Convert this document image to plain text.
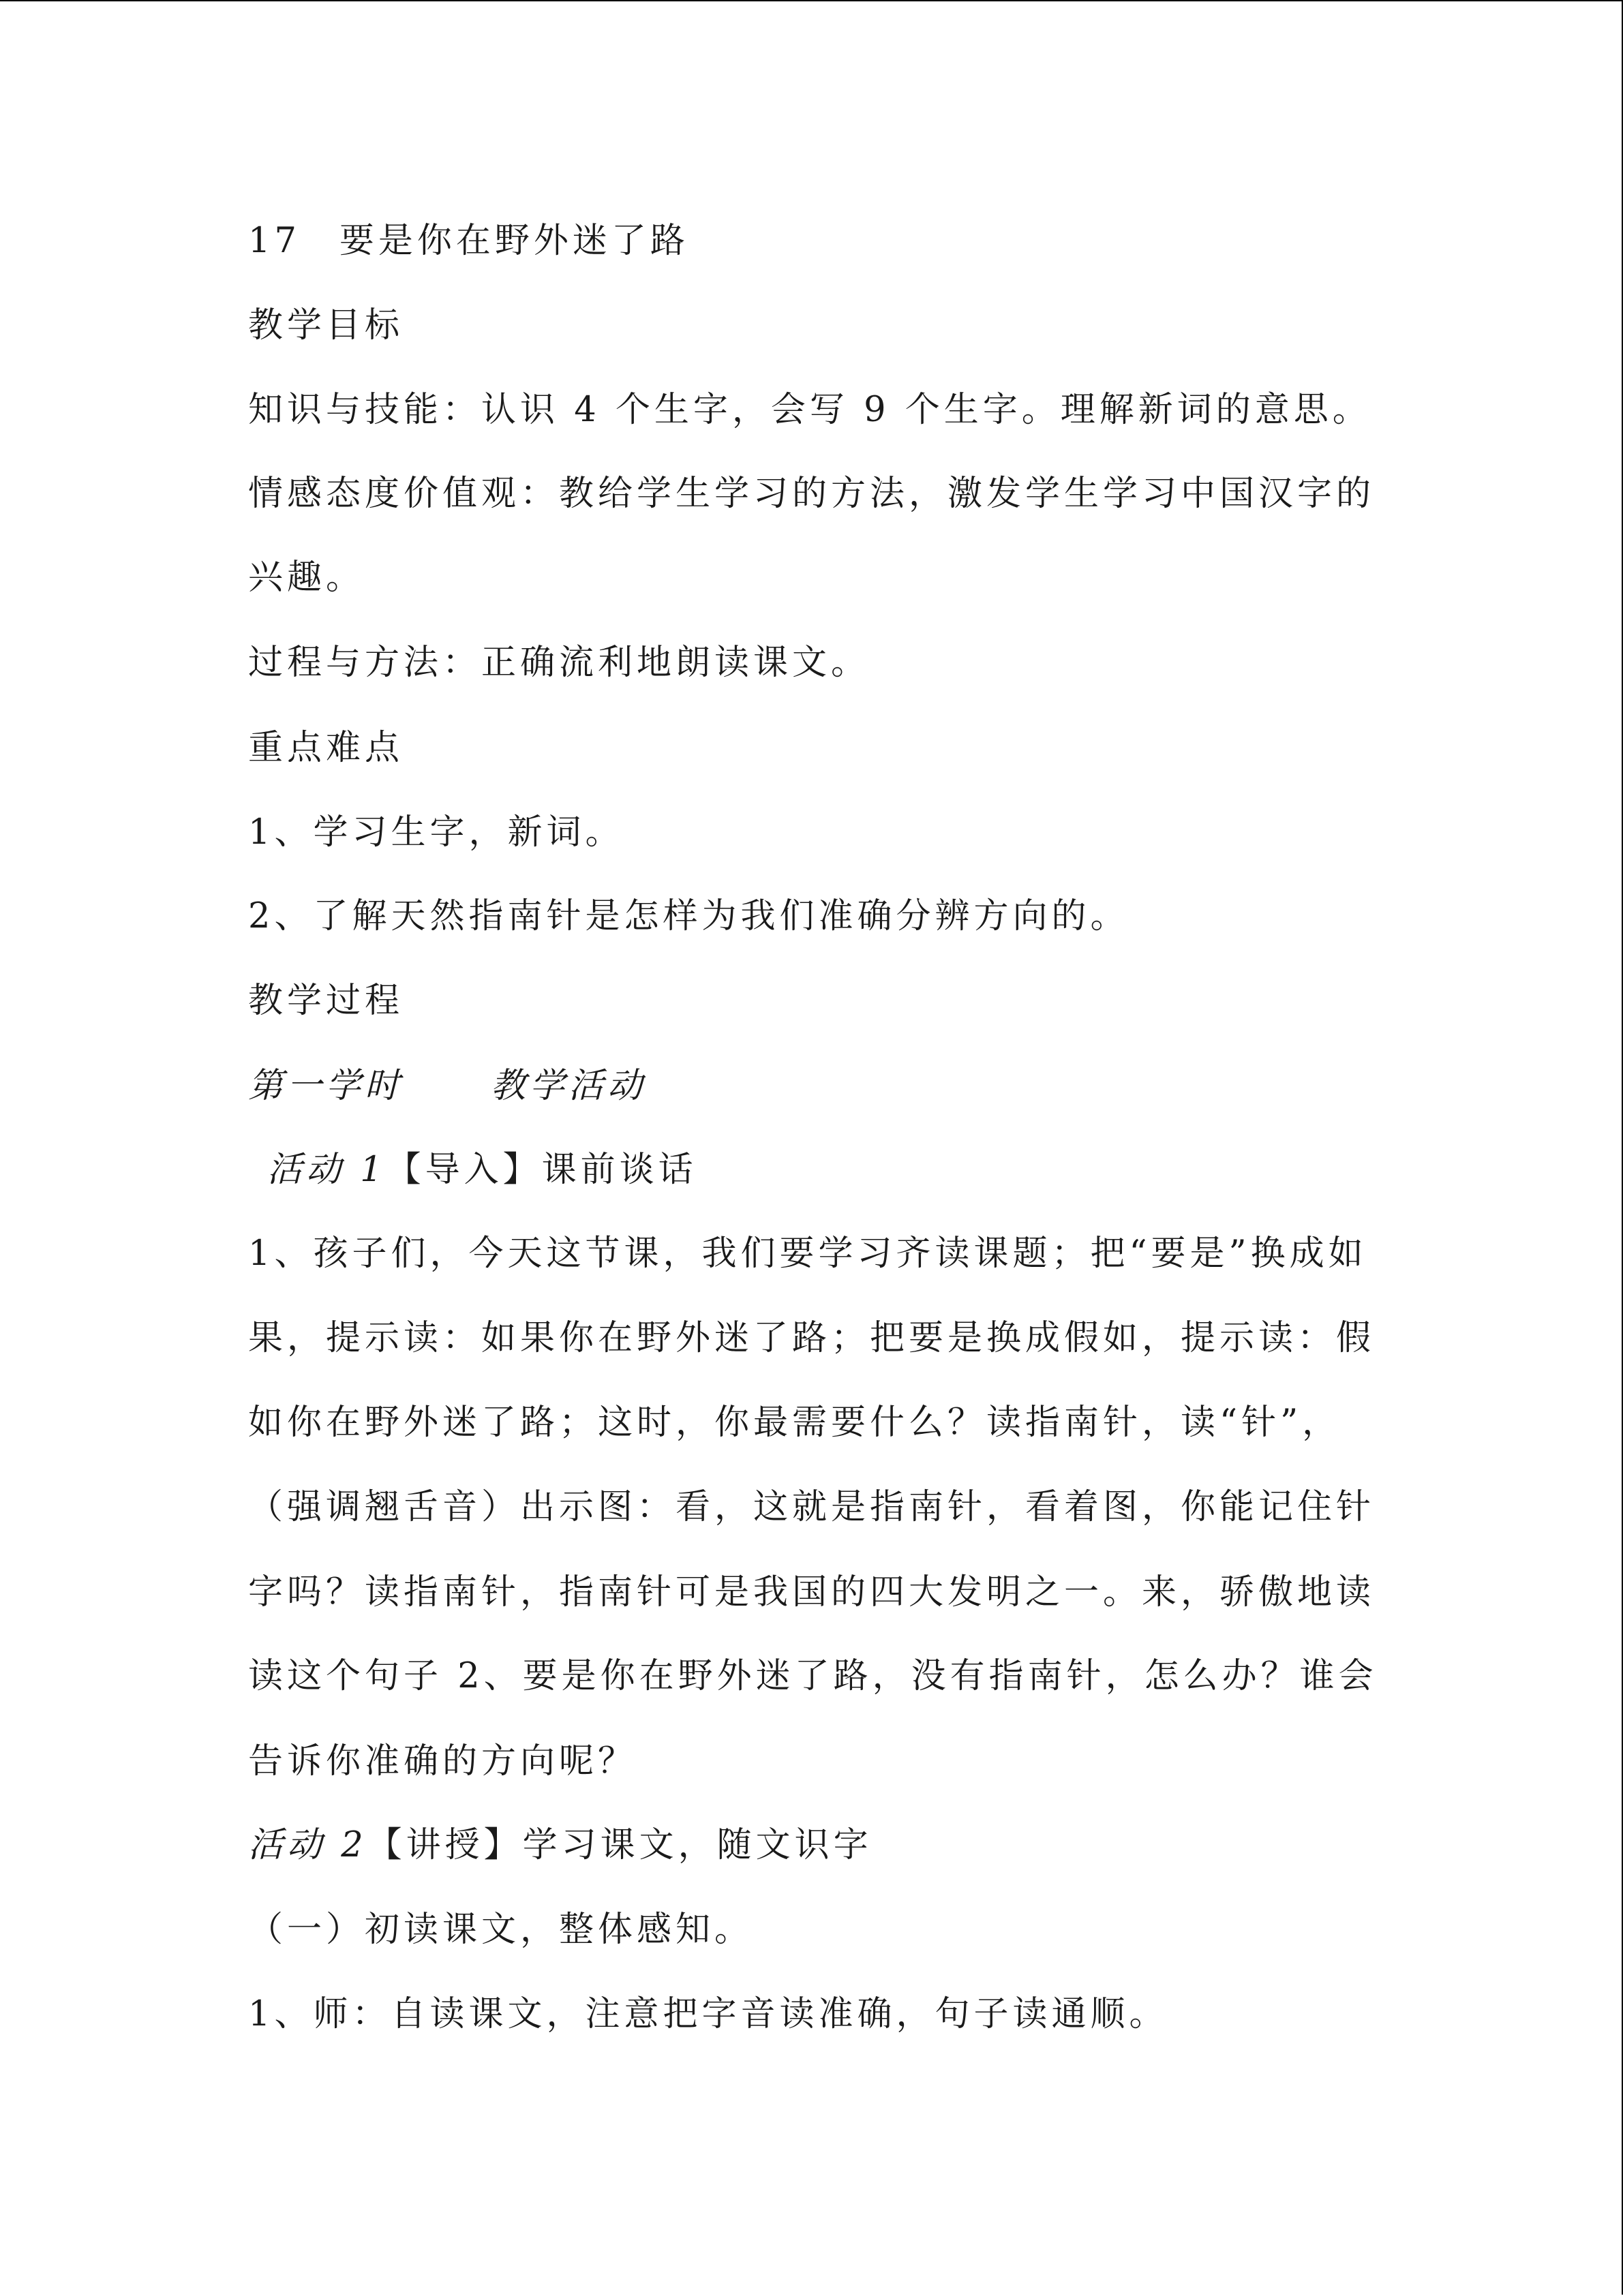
17　要是你在野外迷了路
教学目标
知识与技能：认识 4 个生字，会写 9 个生字。理解新词的意思。
情感态度价值观：教给学生学习的方法，激发学生学习中国汉字的
兴趣。
过程与方法：正确流利地朗读课文。
重点难点
1、学习生字，新词。
2、了解天然指南针是怎样为我们准确分辨方向的。
教学过程
第一学时	教学活动
活动 1【导入】课前谈话
1、孩子们，今天这节课，我们要学习齐读课题；把“要是”换成如
果，提示读：如果你在野外迷了路；把要是换成假如，提示读：假
如你在野外迷了路；这时，你最需要什么？读指南针，读“针”，
（强调翘舌音）出示图：看，这就是指南针，看着图，你能记住针
字吗？读指南针，指南针可是我国的四大发明之一。来，骄傲地读
读这个句子 2、要是你在野外迷了路，没有指南针，怎么办？谁会
告诉你准确的方向呢？
活动 2【讲授】学习课文，随文识字
（一）初读课文，整体感知。
1、师：自读课文，注意把字音读准确，句子读通顺。
